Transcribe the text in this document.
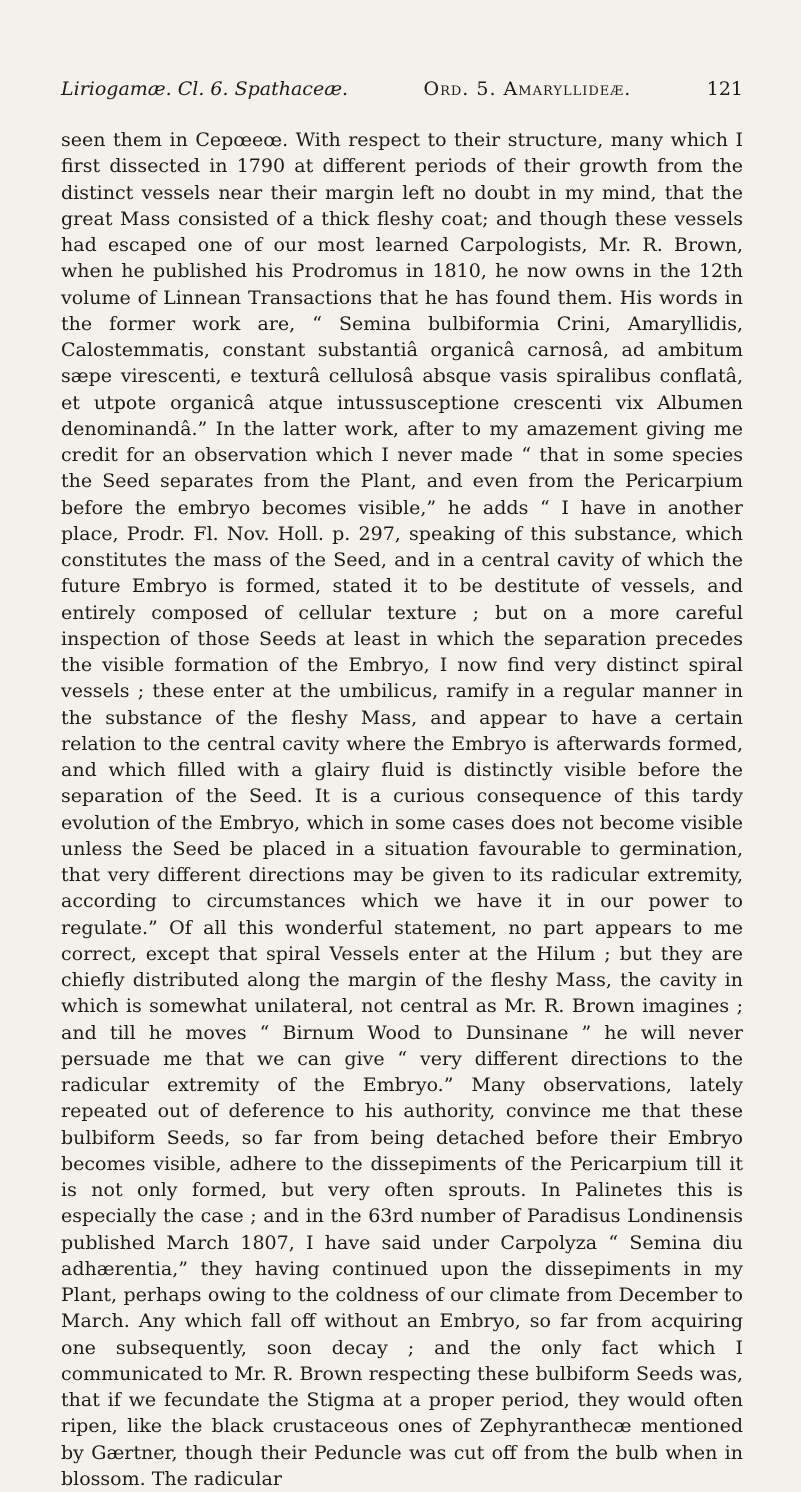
Liriogamæ. Cl. 6. Spathaceæ.	Ord. 5. Amaryllideæ.	121

seen them in Cepœeœ. With respect to their structure, many which I first dissected in 1790 at different periods of their growth from the distinct vessels near their margin left no doubt in my mind, that the great Mass consisted of a thick fleshy coat; and though these vessels had escaped one of our most learned Carpologists, Mr. R. Brown, when he published his Prodromus in 1810, he now owns in the 12th volume of Linnean Transactions that he has found them. His words in the former work are, “ Semina bulbiformia Crini, Amaryllidis, Calostemmatis, constant substantiâ organicâ carnosâ, ad ambitum sæpe virescenti, e texturâ cellulosâ absque vasis spiralibus conflatâ, et utpote organicâ atque intussusceptione crescenti vix Albumen denominandâ.” In the latter work, after to my amazement giving me credit for an observation which I never made “ that in some species the Seed separates from the Plant, and even from the Pericarpium before the embryo becomes visible,” he adds “ I have in another place, Prodr. Fl. Nov. Holl. p. 297, speaking of this substance, which constitutes the mass of the Seed, and in a central cavity of which the future Embryo is formed, stated it to be destitute of vessels, and entirely composed of cellular texture ; but on a more careful inspection of those Seeds at least in which the separation precedes the visible formation of the Embryo, I now find very distinct spiral vessels ; these enter at the umbilicus, ramify in a regular manner in the substance of the fleshy Mass, and appear to have a certain relation to the central cavity where the Embryo is afterwards formed, and which filled with a glairy fluid is distinctly visible before the separation of the Seed. It is a curious consequence of this tardy evolution of the Embryo, which in some cases does not become visible unless the Seed be placed in a situation favourable to germination, that very different directions may be given to its radicular extremity, according to circumstances which we have it in our power to regulate.” Of all this wonderful statement, no part appears to me correct, except that spiral Vessels enter at the Hilum ; but they are chiefly distributed along the margin of the fleshy Mass, the cavity in which is somewhat unilateral, not central as Mr. R. Brown imagines ; and till he moves “ Birnum Wood to Dunsinane ” he will never persuade me that we can give “ very different directions to the radicular extremity of the Embryo.” Many observations, lately repeated out of deference to his authority, convince me that these bulbiform Seeds, so far from being detached before their Embryo becomes visible, adhere to the dissepiments of the Pericarpium till it is not only formed, but very often sprouts. In Palinetes this is especially the case ; and in the 63rd number of Paradisus Londinensis published March 1807, I have said under Carpolyza “ Semina diu adhærentia,” they having continued upon the dissepiments in my Plant, perhaps owing to the coldness of our climate from December to March. Any which fall off without an Embryo, so far from acquiring one subsequently, soon decay ; and the only fact which I communicated to Mr. R. Brown respecting these bulbiform Seeds was, that if we fecundate the Stigma at a proper period, they would often ripen, like the black crustaceous ones of Zephyranthecæ mentioned by Gærtner, though their Peduncle was cut off from the bulb when in blossom. The radicular
